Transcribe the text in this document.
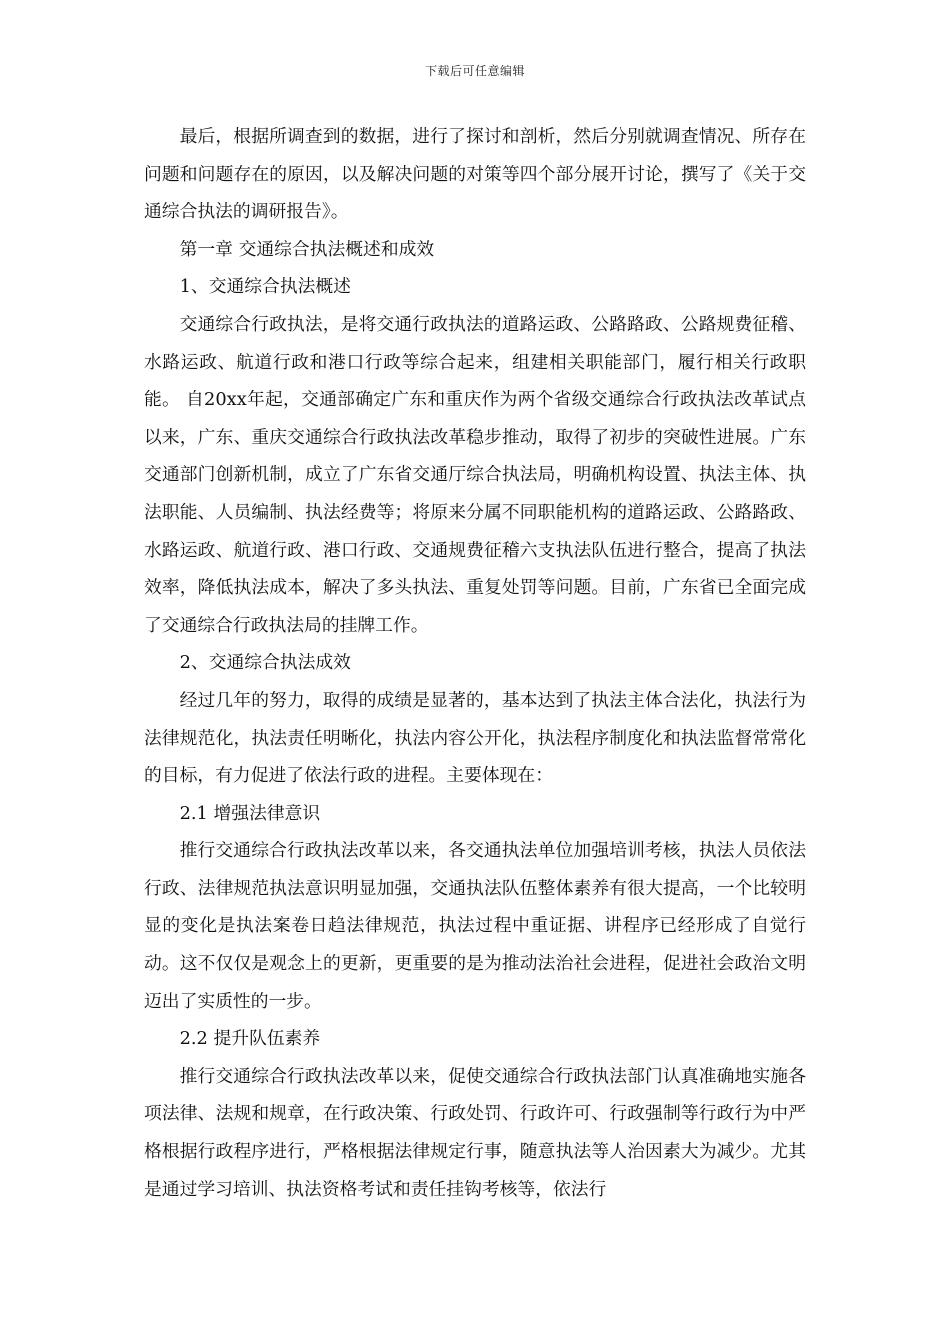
下载后可任意编辑

最后，根据所调查到的数据，进行了探讨和剖析，然后分别就调查情况、所存在问题和问题存在的原因，以及解决问题的对策等四个部分展开讨论，撰写了《关于交通综合执法的调研报告》。

第一章 交通综合执法概述和成效

1、交通综合执法概述

交通综合行政执法，是将交通行政执法的道路运政、公路路政、公路规费征稽、水路运政、航道行政和港口行政等综合起来，组建相关职能部门，履行相关行政职能。 自20xx年起，交通部确定广东和重庆作为两个省级交通综合行政执法改革试点以来，广东、重庆交通综合行政执法改革稳步推动，取得了初步的突破性进展。广东交通部门创新机制，成立了广东省交通厅综合执法局，明确机构设置、执法主体、执法职能、人员编制、执法经费等；将原来分属不同职能机构的道路运政、公路路政、水路运政、航道行政、港口行政、交通规费征稽六支执法队伍进行整合，提高了执法效率，降低执法成本，解决了多头执法、重复处罚等问题。目前，广东省已全面完成了交通综合行政执法局的挂牌工作。

2、交通综合执法成效

经过几年的努力，取得的成绩是显著的，基本达到了执法主体合法化，执法行为法律规范化，执法责任明晰化，执法内容公开化，执法程序制度化和执法监督常常化的目标，有力促进了依法行政的进程。主要体现在：

2.1 增强法律意识

推行交通综合行政执法改革以来，各交通执法单位加强培训考核，执法人员依法行政、法律规范执法意识明显加强，交通执法队伍整体素养有很大提高，一个比较明显的变化是执法案卷日趋法律规范，执法过程中重证据、讲程序已经形成了自觉行动。这不仅仅是观念上的更新，更重要的是为推动法治社会进程，促进社会政治文明迈出了实质性的一步。

2.2 提升队伍素养

推行交通综合行政执法改革以来，促使交通综合行政执法部门认真准确地实施各项法律、法规和规章，在行政决策、行政处罚、行政许可、行政强制等行政行为中严格根据行政程序进行，严格根据法律规定行事，随意执法等人治因素大为减少。尤其是通过学习培训、执法资格考试和责任挂钩考核等，依法行
